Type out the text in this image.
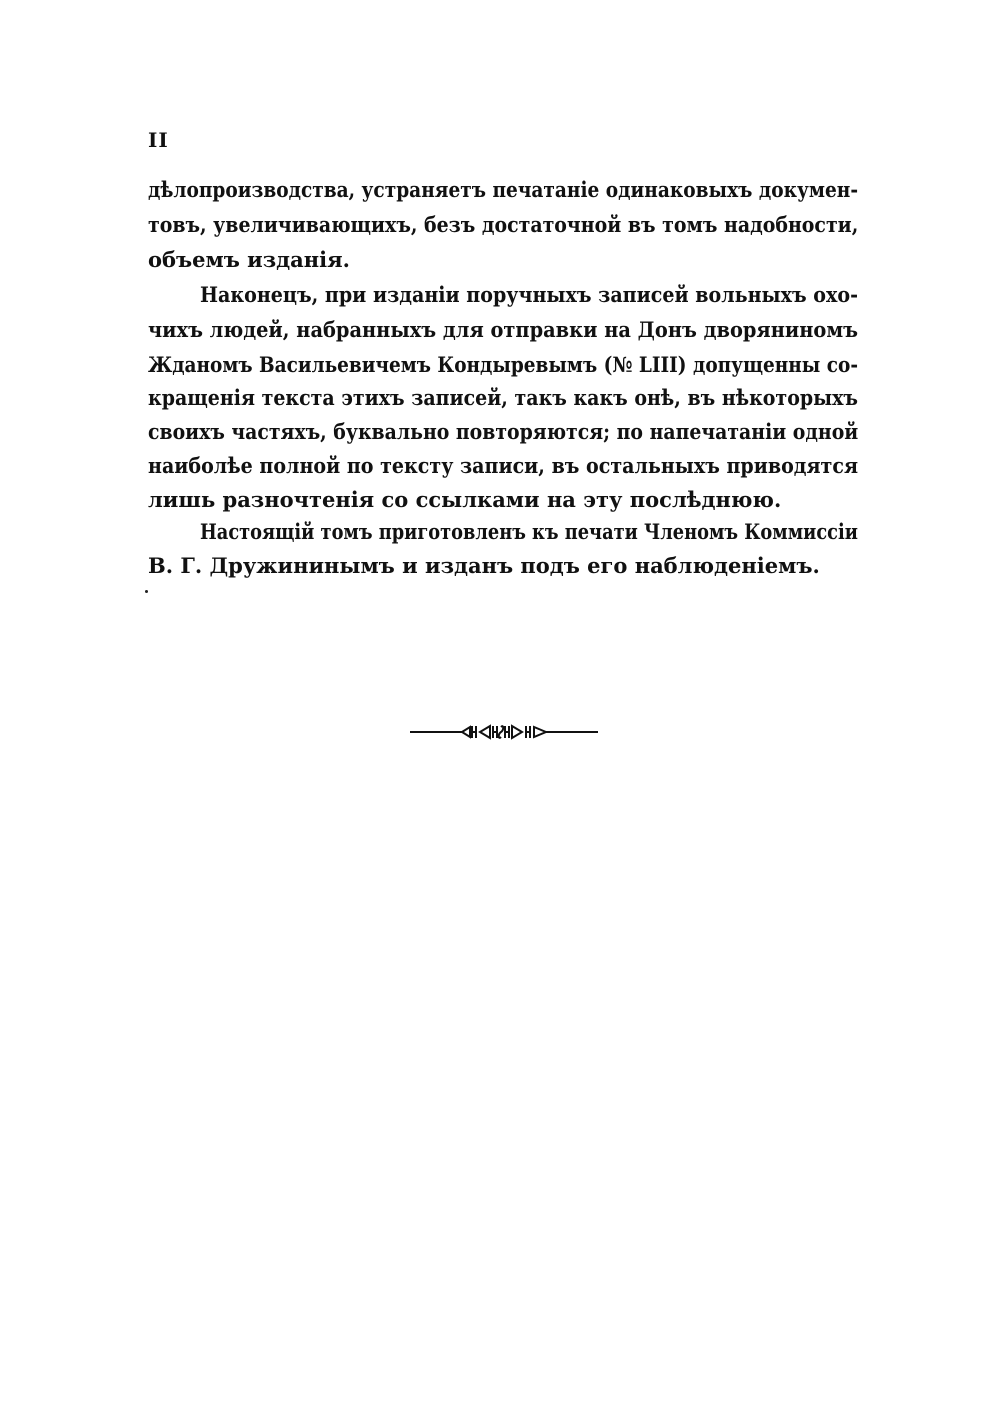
II
дѣлопроизводства, устраняетъ печатаніе одинаковыхъ докумен-
товъ, увеличивающихъ, безъ достаточной въ томъ надобности,
объемъ изданія.
Наконецъ, при изданіи поручныхъ записей вольныхъ охо-
чихъ людей, набранныхъ для отправки на Донъ дворяниномъ
Жданомъ Васильевичемъ Кондыревымъ (№ LIII) допущенны со-
кращенія текста этихъ записей, такъ какъ онѣ, въ нѣкоторыхъ
своихъ частяхъ, буквально повторяются; по напечатаніи одной
наиболѣе полной по тексту записи, въ остальныхъ приводятся
лишь разночтенія со ссылками на эту послѣднюю.
Настоящій томъ приготовленъ къ печати Членомъ Коммиссіи
В. Г. Дружининымъ и изданъ подъ его наблюденіемъ.
